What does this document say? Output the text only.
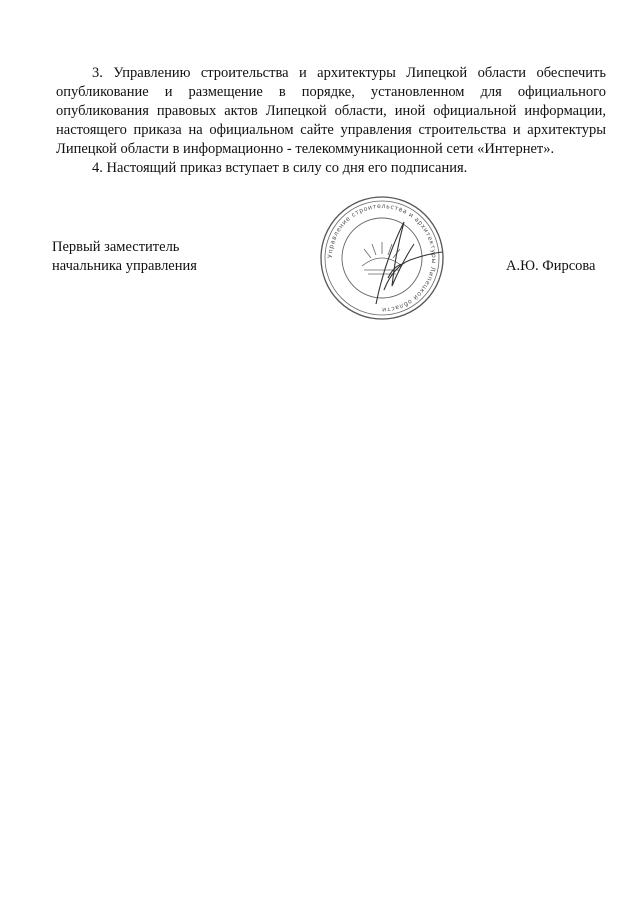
3. Управлению строительства и архитектуры Липецкой области обеспечить опубликование и размещение в порядке, установленном для официального опубликования правовых актов Липецкой области, иной официальной информации, настоящего приказа на официальном сайте управления строительства и архитектуры Липецкой области в информационно - телекоммуникационной сети «Интернет».

4. Настоящий приказ вступает в силу со дня его подписания.

Первый заместитель
начальника управления
Управление строительства и архитектуры Липецкой области
А.Ю. Фирсова
